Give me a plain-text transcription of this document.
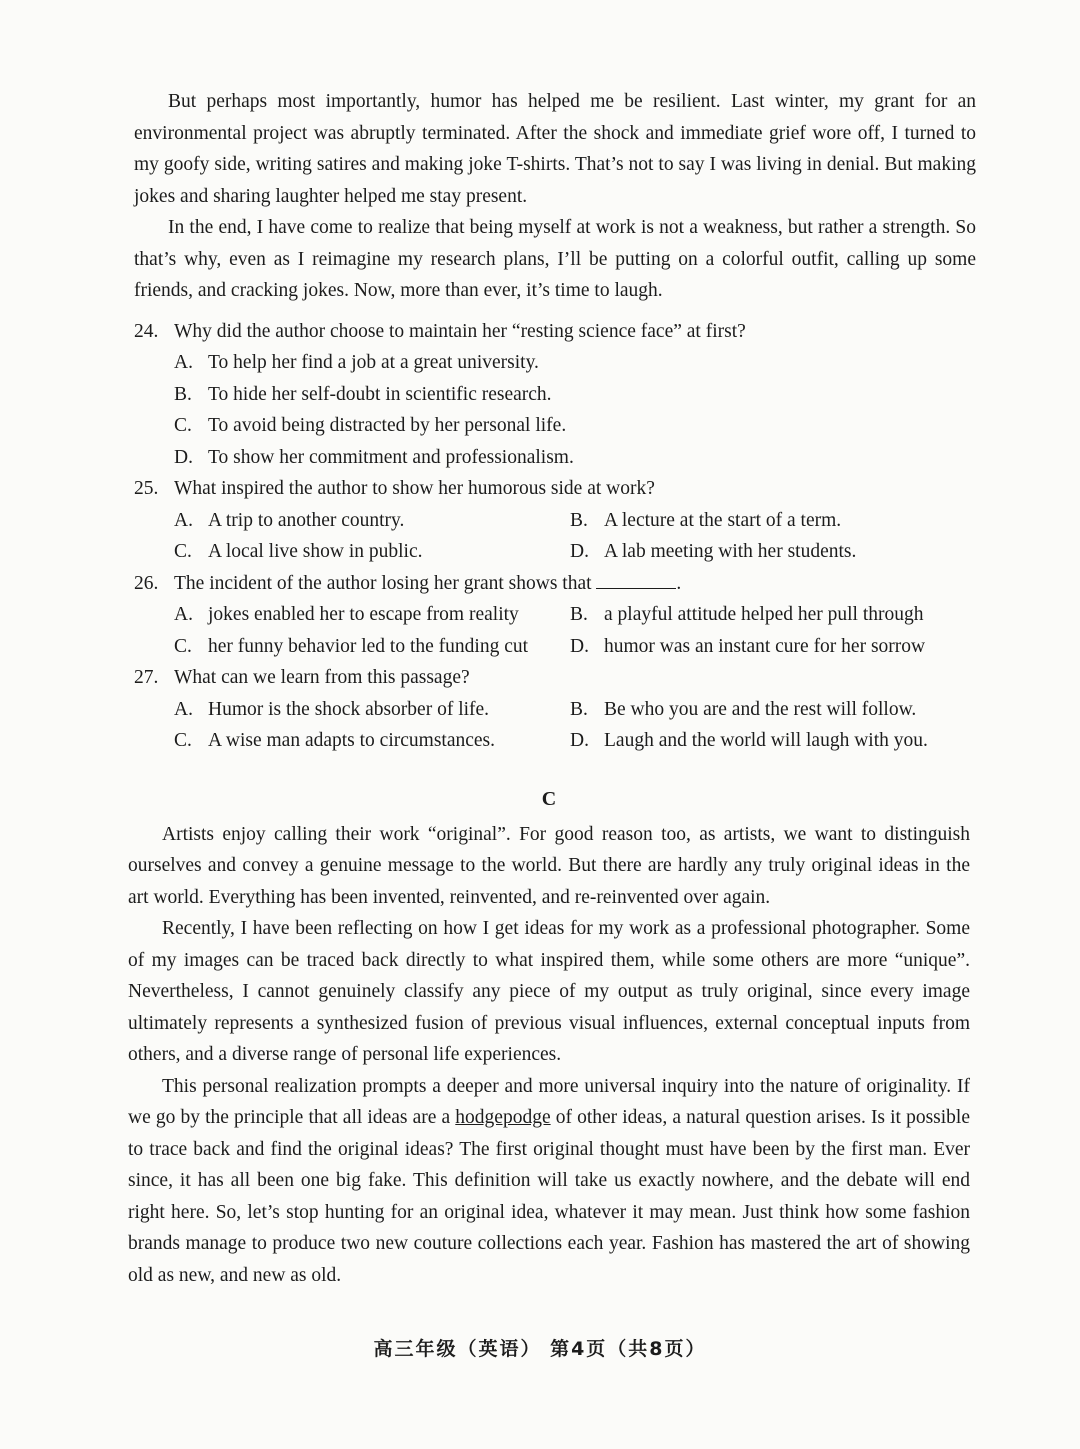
But perhaps most importantly, humor has helped me be resilient. Last winter, my grant for an environmental project was abruptly terminated. After the shock and immediate grief wore off, I turned to my goofy side, writing satires and making joke T-shirts. That’s not to say I was living in denial. But making jokes and sharing laughter helped me stay present.

In the end, I have come to realize that being myself at work is not a weakness, but rather a strength. So that’s why, even as I reimagine my research plans, I’ll be putting on a colorful outfit, calling up some friends, and cracking jokes. Now, more than ever, it’s time to laugh.

24. Why did the author choose to maintain her “resting science face” at first?

A. To help her find a job at a great university.

B. To hide her self-doubt in scientific research.

C. To avoid being distracted by her personal life.

D. To show her commitment and professionalism.

25. What inspired the author to show her humorous side at work?

A. A trip to another country.	B. A lecture at the start of a term.
C. A local live show in public.	D. A lab meeting with her students.

26. The incident of the author losing her grant shows that	.

A. jokes enabled her to escape from reality	B. a playful attitude helped her pull through
C. her funny behavior led to the funding cut	D. humor was an instant cure for her sorrow

27. What can we learn from this passage?

A. Humor is the shock absorber of life.	B. Be who you are and the rest will follow.
C. A wise man adapts to circumstances.	D. Laugh and the world will laugh with you.

C

Artists enjoy calling their work “original”. For good reason too, as artists, we want to distinguish ourselves and convey a genuine message to the world. But there are hardly any truly original ideas in the art world. Everything has been invented, reinvented, and re-reinvented over again.

Recently, I have been reflecting on how I get ideas for my work as a professional photographer. Some of my images can be traced back directly to what inspired them, while some others are more “unique”. Nevertheless, I cannot genuinely classify any piece of my output as truly original, since every image ultimately represents a synthesized fusion of previous visual influences, external conceptual inputs from others, and a diverse range of personal life experiences.

This personal realization prompts a deeper and more universal inquiry into the nature of originality. If we go by the principle that all ideas are a hodgepodge of other ideas, a natural question arises. Is it possible to trace back and find the original ideas? The first original thought must have been by the first man. Ever since, it has all been one big fake. This definition will take us exactly nowhere, and the debate will end right here. So, let’s stop hunting for an original idea, whatever it may mean. Just think how some fashion brands manage to produce two new couture collections each year. Fashion has mastered the art of showing old as new, and new as old.

高三年级（英语） 第4页（共8页）
